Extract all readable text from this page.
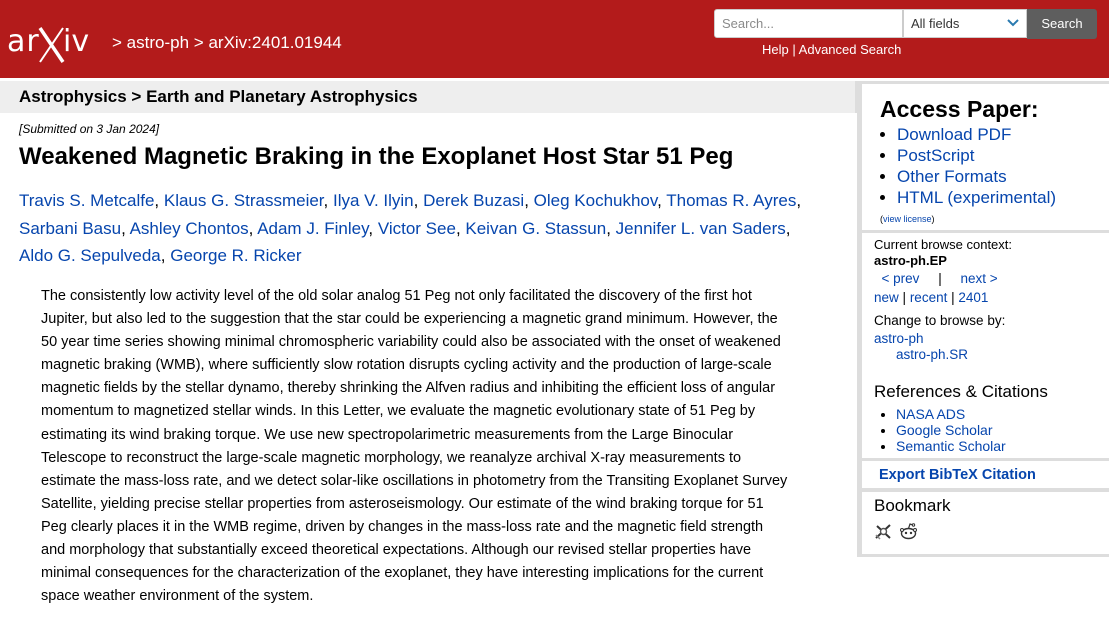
ar iv > astro-ph > arXiv:2401.01944
Search...
All fields	Search
Help | Advanced Search
Astrophysics > Earth and Planetary Astrophysics
[Submitted on 3 Jan 2024]
Weakened Magnetic Braking in the Exoplanet Host Star 51 Peg
Travis S. Metcalfe, Klaus G. Strassmeier, Ilya V. Ilyin, Derek Buzasi, Oleg Kochukhov, Thomas R. Ayres,
Sarbani Basu, Ashley Chontos, Adam J. Finley, Victor See, Keivan G. Stassun, Jennifer L. van Saders,
Aldo G. Sepulveda, George R. Ricker
The consistently low activity level of the old solar analog 51 Peg not only facilitated the discovery of the first hot
Jupiter, but also led to the suggestion that the star could be experiencing a magnetic grand minimum. However, the
50 year time series showing minimal chromospheric variability could also be associated with the onset of weakened
magnetic braking (WMB), where sufficiently slow rotation disrupts cycling activity and the production of large-scale
magnetic fields by the stellar dynamo, thereby shrinking the Alfven radius and inhibiting the efficient loss of angular
momentum to magnetized stellar winds. In this Letter, we evaluate the magnetic evolutionary state of 51 Peg by
estimating its wind braking torque. We use new spectropolarimetric measurements from the Large Binocular
Telescope to reconstruct the large-scale magnetic morphology, we reanalyze archival X-ray measurements to
estimate the mass-loss rate, and we detect solar-like oscillations in photometry from the Transiting Exoplanet Survey
Satellite, yielding precise stellar properties from asteroseismology. Our estimate of the wind braking torque for 51
Peg clearly places it in the WMB regime, driven by changes in the mass-loss rate and the magnetic field strength
and morphology that substantially exceed theoretical expectations. Although our revised stellar properties have
minimal consequences for the characterization of the exoplanet, they have interesting implications for the current
space weather environment of the system.
Access Paper:
• Download PDF
• PostScript
• Other Formats
• HTML (experimental)
(view license)
Current browse context:
astro-ph.EP
< prev | next >
new | recent | 2401
Change to browse by:
astro-ph
astro-ph.SR
References & Citations
• NASA ADS
• Google Scholar
• Semantic Scholar
Export BibTeX Citation
Bookmark
